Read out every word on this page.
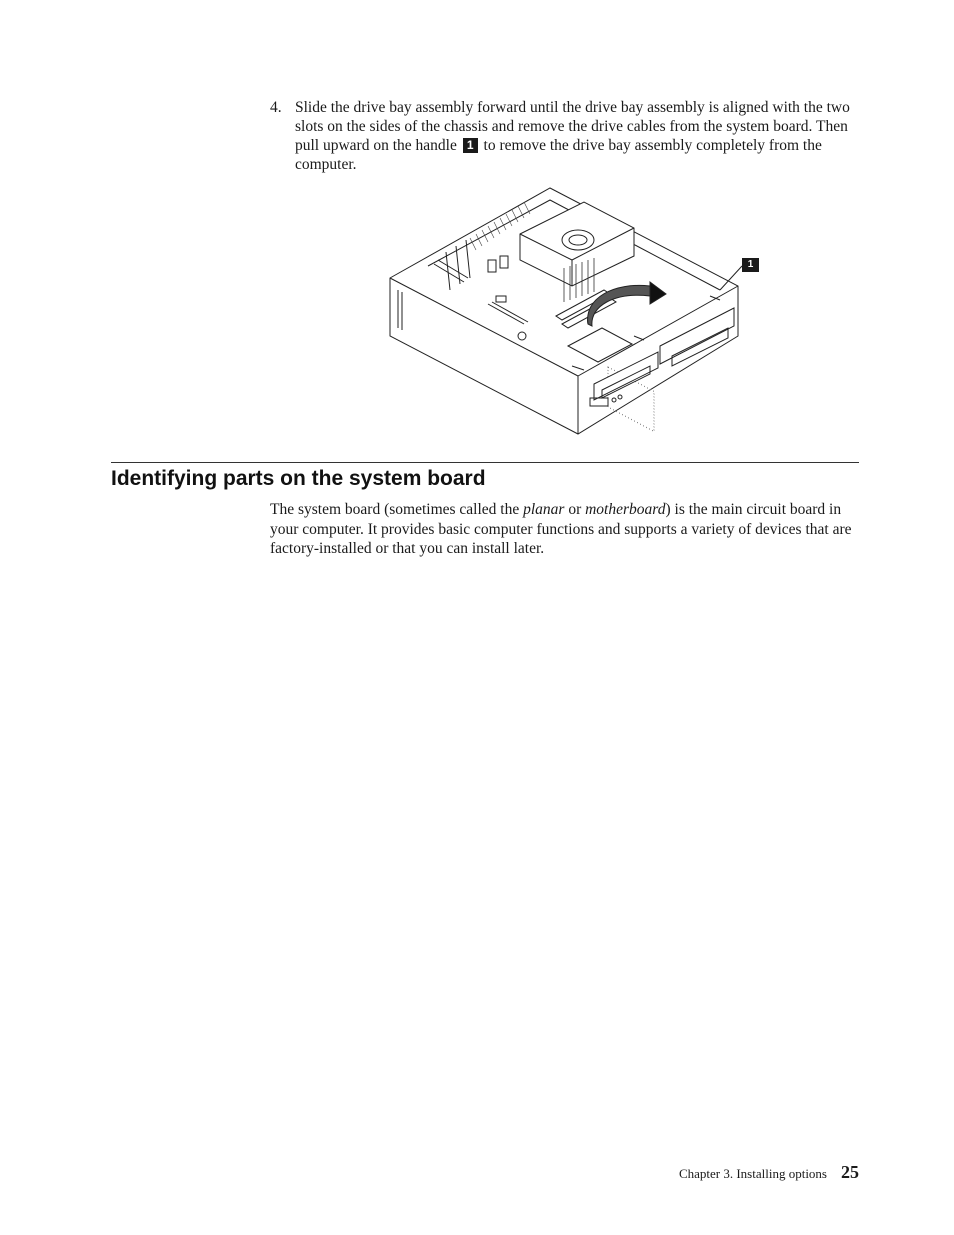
4. Slide the drive bay assembly forward until the drive bay assembly is aligned with the two slots on the sides of the chassis and remove the drive cables from the system board. Then pull upward on the handle 1 to remove the drive bay assembly completely from the computer.
1
Identifying parts on the system board

The system board (sometimes called the planar or motherboard) is the main circuit board in your computer. It provides basic computer functions and supports a variety of devices that are factory-installed or that you can install later.

Chapter 3. Installing options 25
